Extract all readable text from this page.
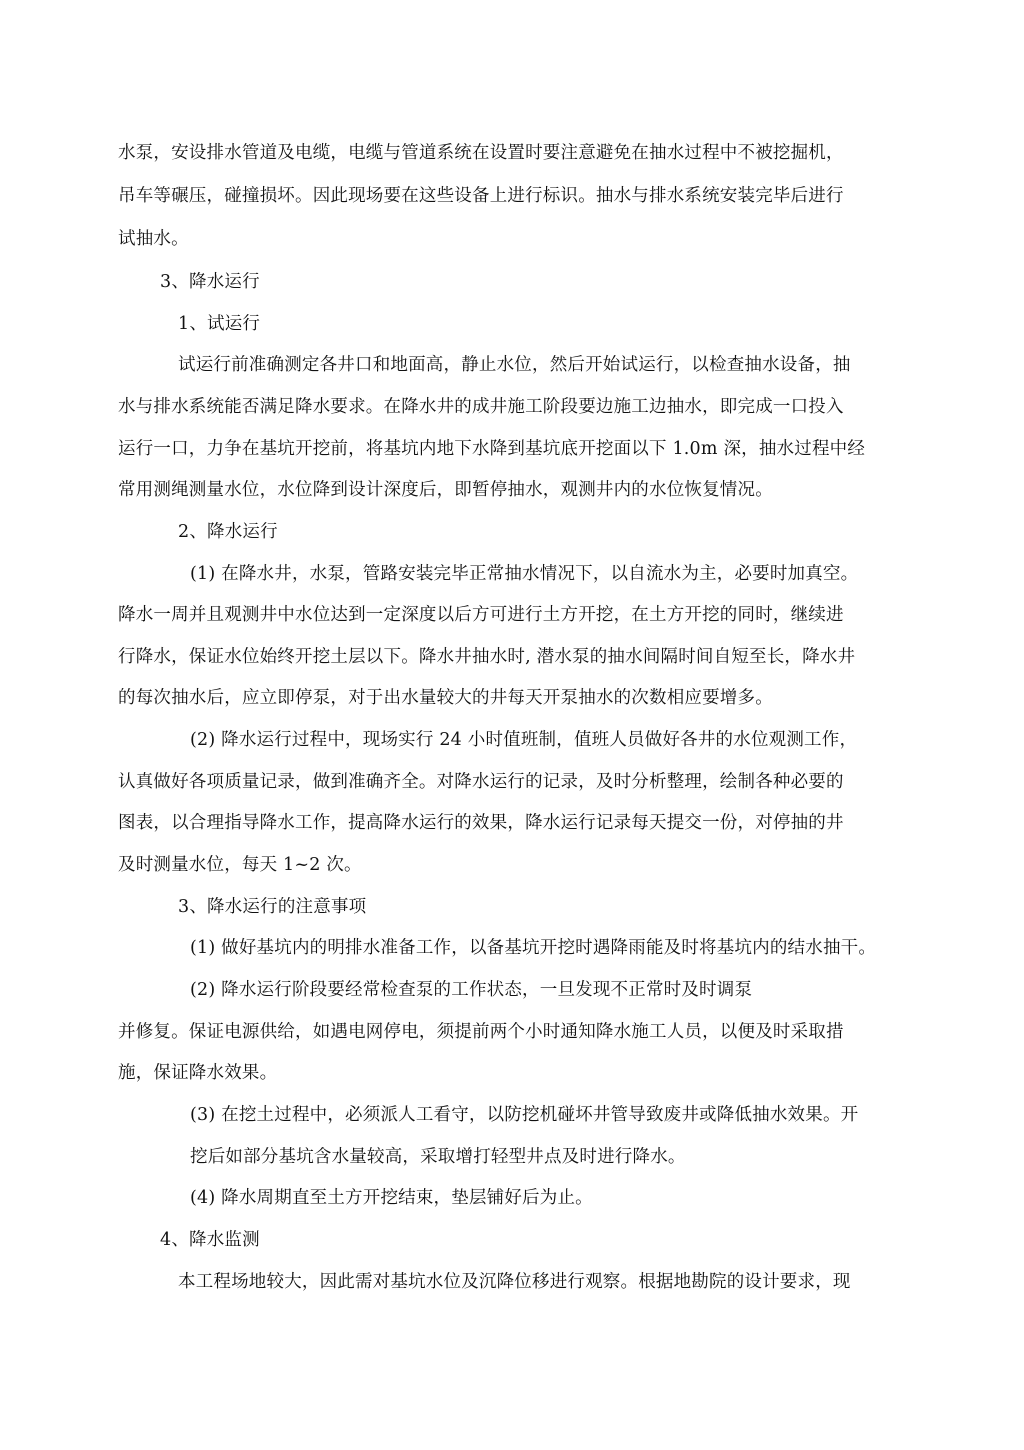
水泵，安设排水管道及电缆，电缆与管道系统在设置时要注意避免在抽水过程中不被挖掘机，
吊车等碾压，碰撞损坏。因此现场要在这些设备上进行标识。抽水与排水系统安装完毕后进行
试抽水。
3、降水运行
1、试运行
试运行前准确测定各井口和地面高，静止水位，然后开始试运行，以检查抽水设备，抽
水与排水系统能否满足降水要求。在降水井的成井施工阶段要边施工边抽水，即完成一口投入
运行一口，力争在基坑开挖前，将基坑内地下水降到基坑底开挖面以下 1.0m 深，抽水过程中经
常用测绳测量水位，水位降到设计深度后，即暂停抽水，观测井内的水位恢复情况。
2、降水运行
(1) 在降水井，水泵，管路安装完毕正常抽水情况下，以自流水为主，必要时加真空。
降水一周并且观测井中水位达到一定深度以后方可进行土方开挖，在土方开挖的同时，继续进
行降水，保证水位始终开挖土层以下。降水井抽水时, 潜水泵的抽水间隔时间自短至长，降水井
的每次抽水后，应立即停泵，对于出水量较大的井每天开泵抽水的次数相应要增多。
(2) 降水运行过程中，现场实行 24 小时值班制，值班人员做好各井的水位观测工作，
认真做好各项质量记录，做到准确齐全。对降水运行的记录，及时分析整理，绘制各种必要的
图表，以合理指导降水工作，提高降水运行的效果，降水运行记录每天提交一份，对停抽的井
及时测量水位，每天 1~2 次。
3、降水运行的注意事项
(1) 做好基坑内的明排水准备工作，以备基坑开挖时遇降雨能及时将基坑内的结水抽干。
(2) 降水运行阶段要经常检查泵的工作状态，一旦发现不正常时及时调泵
并修复。保证电源供给，如遇电网停电，须提前两个小时通知降水施工人员，以便及时采取措
施，保证降水效果。
(3) 在挖土过程中，必须派人工看守，以防挖机碰坏井管导致废井或降低抽水效果。开
挖后如部分基坑含水量较高，采取增打轻型井点及时进行降水。
(4) 降水周期直至土方开挖结束，垫层铺好后为止。
4、降水监测
本工程场地较大，因此需对基坑水位及沉降位移进行观察。根据地勘院的设计要求，现
